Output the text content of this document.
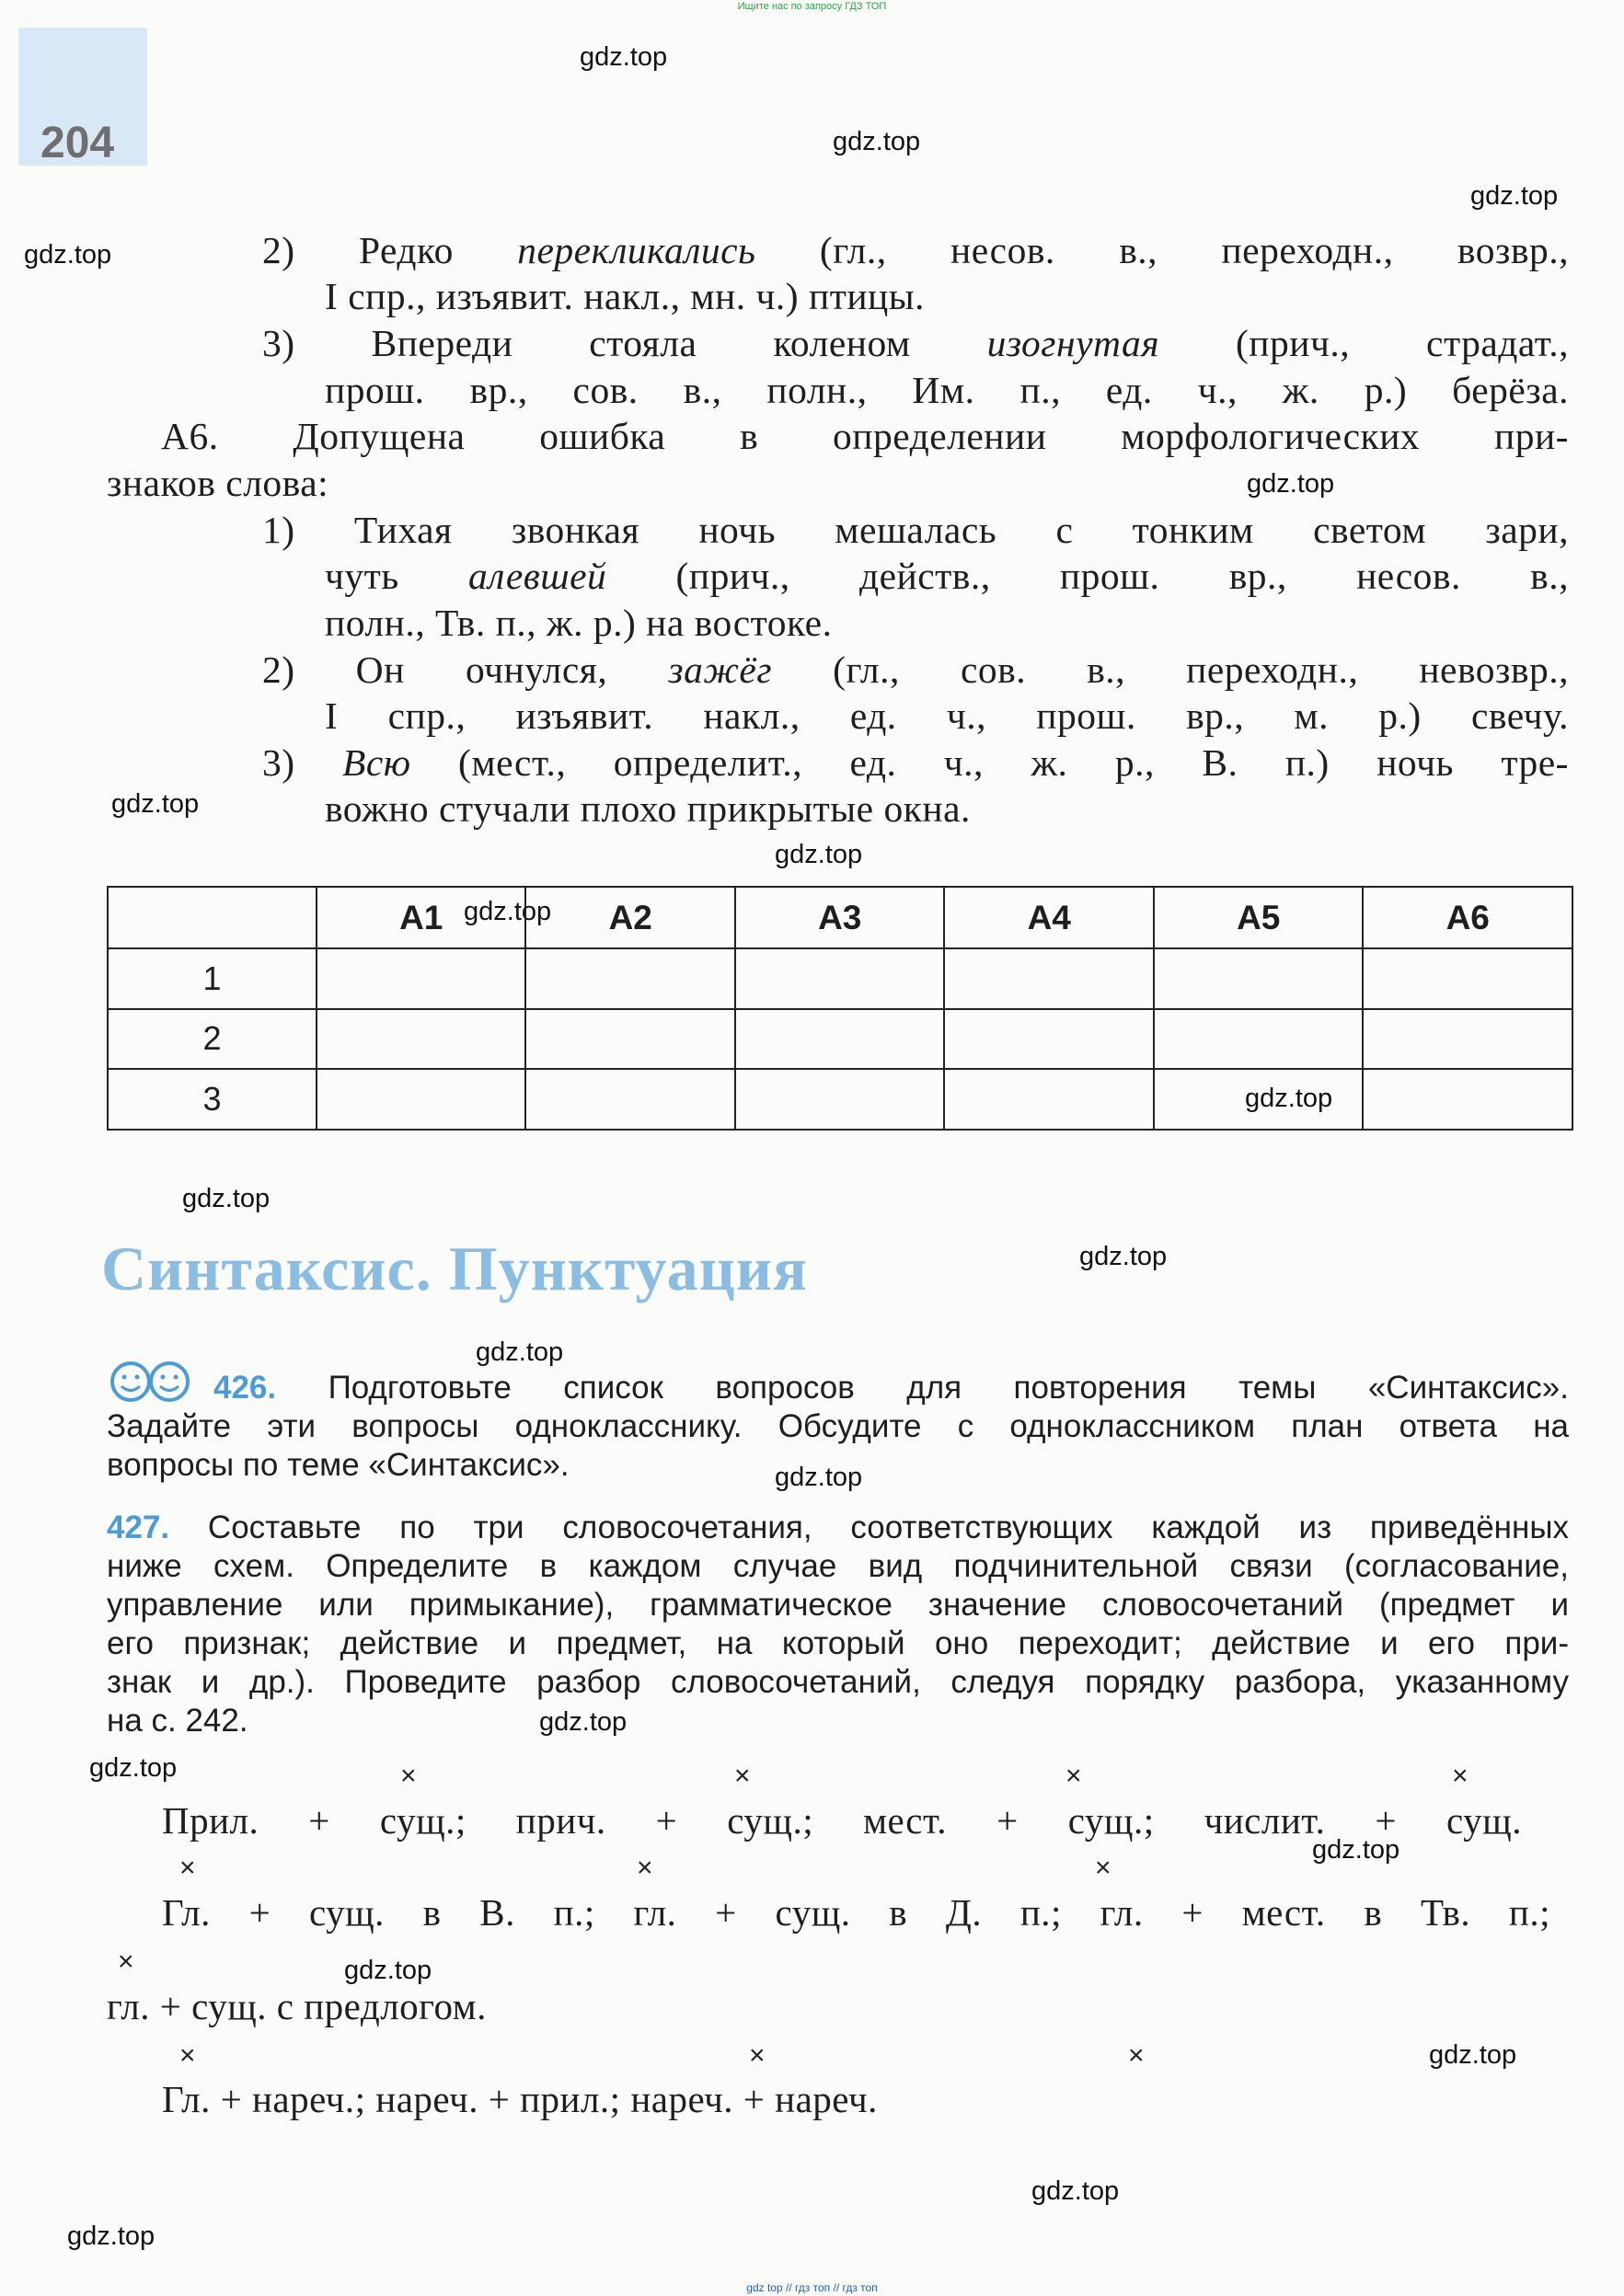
Ищите нас по запросу ГДЗ ТОП
204
gdz.top
gdz.top
gdz.top
gdz.top
gdz.top
gdz.top
gdz.top
gdz.top
gdz.top
gdz.top
gdz.top
gdz.top
gdz.top
gdz.top
gdz.top
gdz.top
gdz.top
gdz.top
gdz.top
gdz.top
2) Редко перекликались (гл., несов. в., переходн., возвр.,
I спр., изъявит. накл., мн. ч.) птицы.
3) Впереди стояла коленом изогнутая (прич., страдат.,
прош. вр., сов. в., полн., Им. п., ед. ч., ж. р.) берёза.
А6. Допущена ошибка в определении морфологических при-
знаков слова:
1) Тихая звонкая ночь мешалась с тонким светом зари,
чуть алевшей (прич., действ., прош. вр., несов. в.,
полн., Тв. п., ж. р.) на востоке.
2) Он очнулся, зажёг (гл., сов. в., переходн., невозвр.,
I спр., изъявит. накл., ед. ч., прош. вр., м. р.) свечу.
3) Всю (мест., определит., ед. ч., ж. р., В. п.) ночь тре-
вожно стучали плохо прикрытые окна.
	А1	А2	А3	А4	А5	А6
1						
2						
3						
Синтаксис. Пунктуация
426. Подготовьте список вопросов для повторения темы «Синтаксис».
Задайте эти вопросы однокласснику. Обсудите с одноклассником план ответа на
вопросы по теме «Синтаксис».
427. Составьте по три словосочетания, соответствующих каждой из приведённых
ниже схем. Определите в каждом случае вид подчинительной связи (согласование,
управление или примыкание), грамматическое значение словосочетаний (предмет и
его признак; действие и предмет, на который оно переходит; действие и его при-
знак и др.). Проведите разбор словосочетаний, следуя порядку разбора, указанному
на с. 242.
×	×	×	×
Прил. + сущ.; прич. + сущ.; мест. + сущ.; числит. + сущ.
×	×	×
Гл. + сущ. в В. п.; гл. + сущ. в Д. п.; гл. + мест. в Тв. п.;
×
гл. + сущ. с предлогом.
×	×	×
Гл. + нареч.; нареч. + прил.; нареч. + нареч.
gdz top // гдз топ // гдз топ
